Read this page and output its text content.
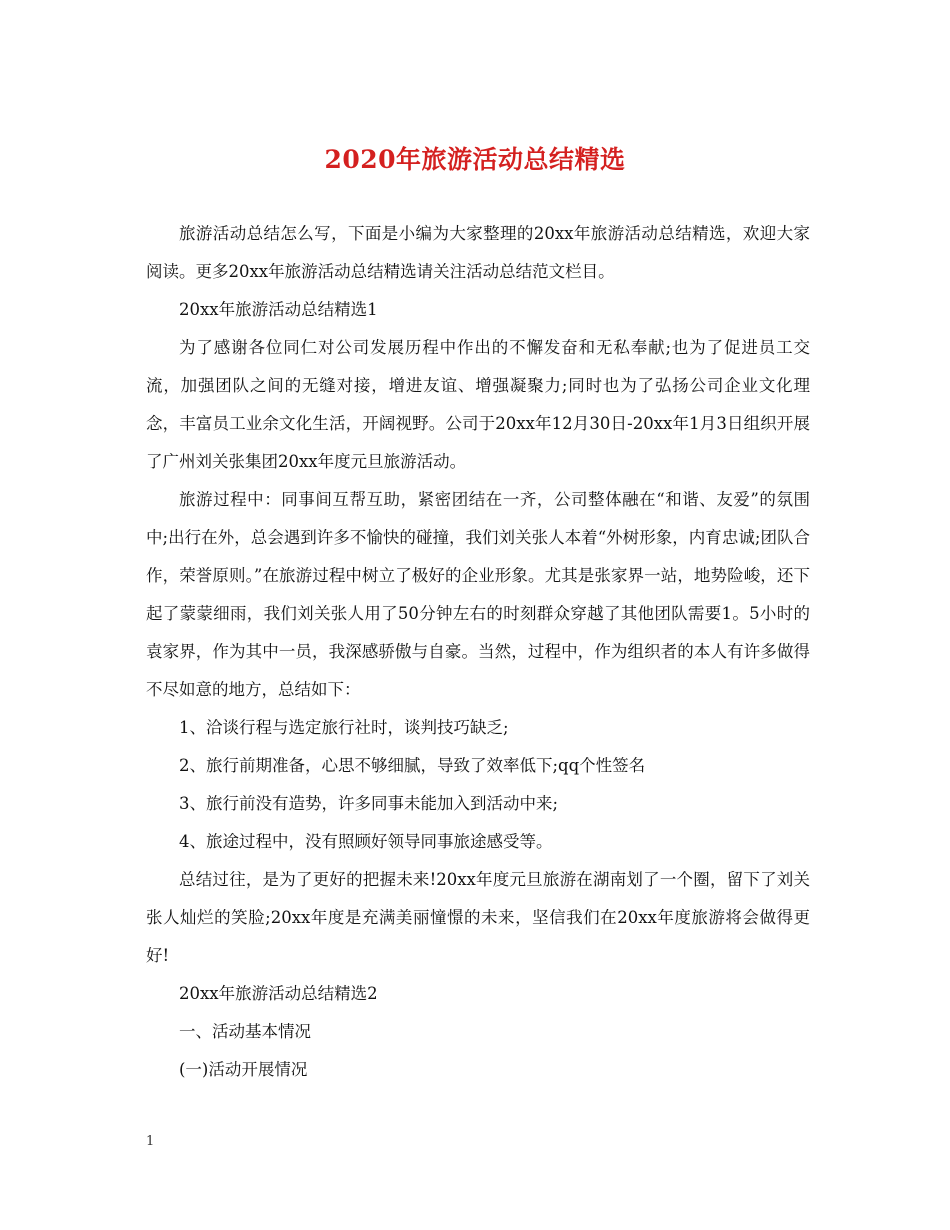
2020年旅游活动总结精选

旅游活动总结怎么写，下面是小编为大家整理的20xx年旅游活动总结精选，欢迎大家阅读。更多20xx年旅游活动总结精选请关注活动总结范文栏目。

20xx年旅游活动总结精选1

为了感谢各位同仁对公司发展历程中作出的不懈发奋和无私奉献;也为了促进员工交流，加强团队之间的无缝对接，增进友谊、增强凝聚力;同时也为了弘扬公司企业文化理念，丰富员工业余文化生活，开阔视野。公司于20xx年12月30日-20xx年1月3日组织开展了广州刘关张集团20xx年度元旦旅游活动。

旅游过程中：同事间互帮互助，紧密团结在一齐，公司整体融在“和谐、友爱”的氛围中;出行在外，总会遇到许多不愉快的碰撞，我们刘关张人本着“外树形象，内育忠诚;团队合作，荣誉原则。”在旅游过程中树立了极好的企业形象。尤其是张家界一站，地势险峻，还下起了蒙蒙细雨，我们刘关张人用了50分钟左右的时刻群众穿越了其他团队需要1。5小时的袁家界，作为其中一员，我深感骄傲与自豪。当然，过程中，作为组织者的本人有许多做得不尽如意的地方，总结如下：

1、洽谈行程与选定旅行社时，谈判技巧缺乏;

2、旅行前期准备，心思不够细腻，导致了效率低下;qq个性签名

3、旅行前没有造势，许多同事未能加入到活动中来;

4、旅途过程中，没有照顾好领导同事旅途感受等。

总结过往，是为了更好的把握未来!20xx年度元旦旅游在湖南划了一个圈，留下了刘关张人灿烂的笑脸;20xx年度是充满美丽憧憬的未来，坚信我们在20xx年度旅游将会做得更好!

20xx年旅游活动总结精选2

一、活动基本情况

(一)活动开展情况

1
